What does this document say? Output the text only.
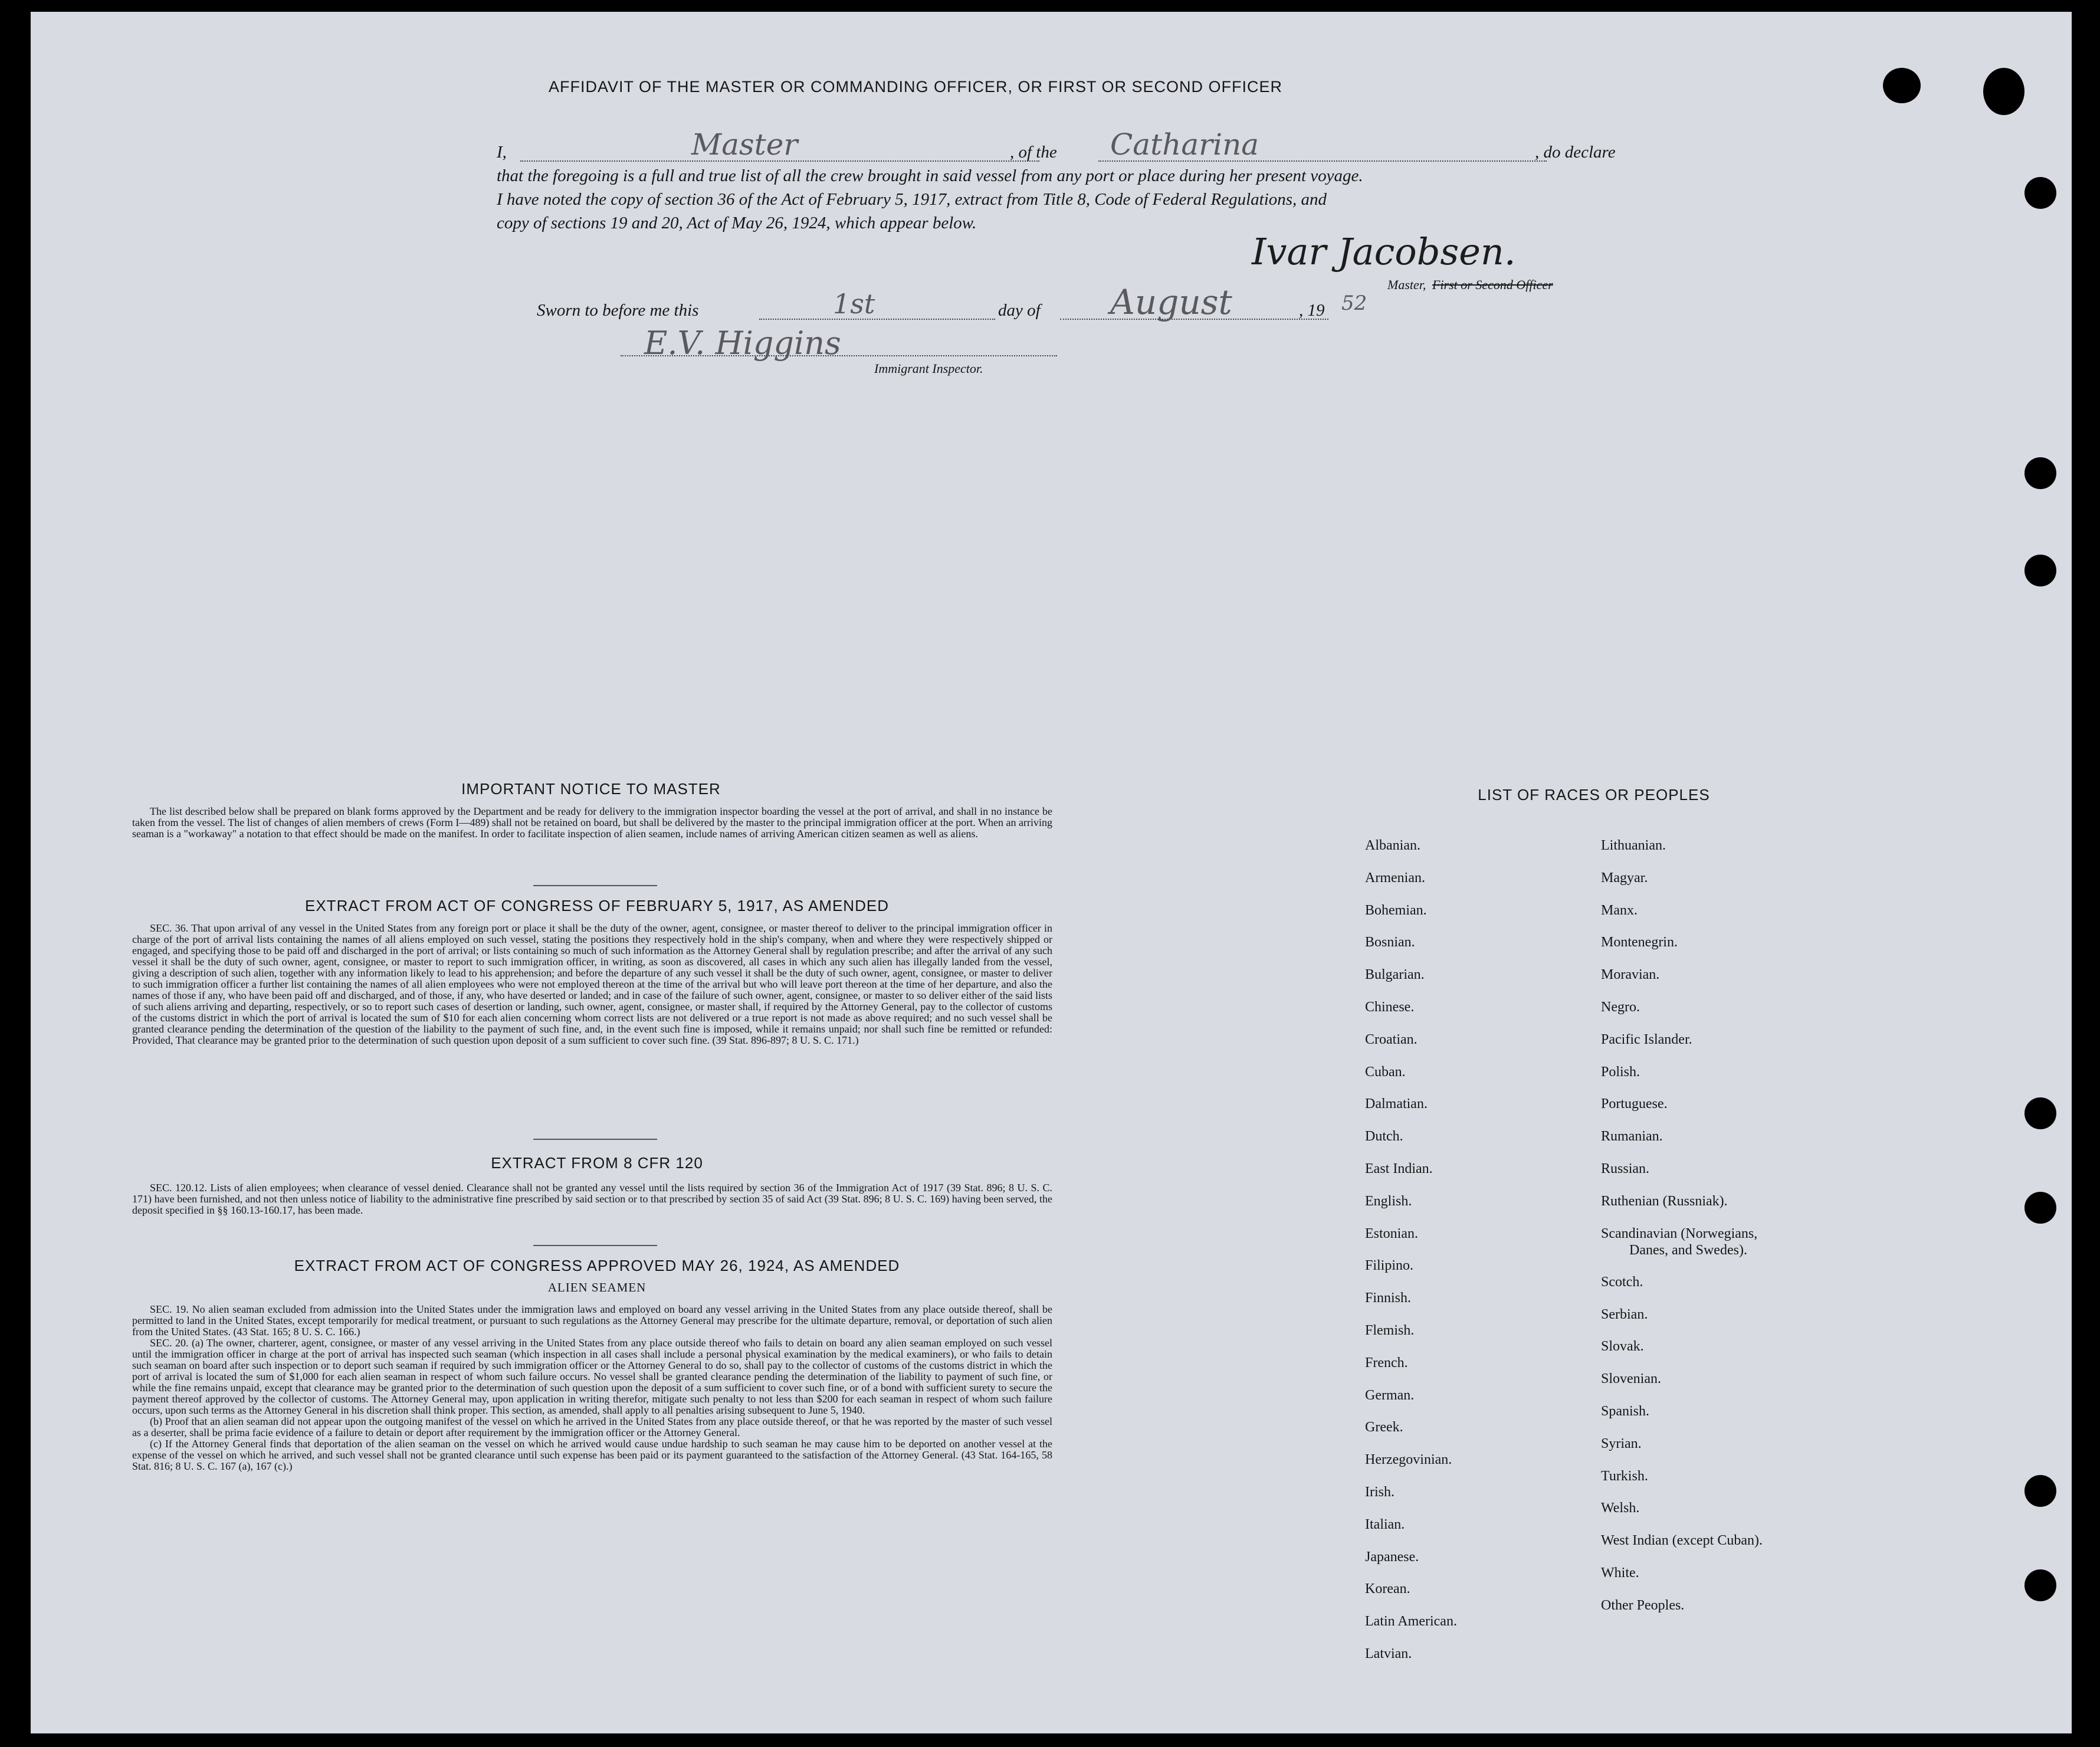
AFFIDAVIT OF THE MASTER OR COMMANDING OFFICER, OR FIRST OR SECOND OFFICER
I,	Master	, of the Catharina	, do declare
that the foregoing is a full and true list of all the crew brought in said vessel from any port or place during her present voyage.
I have noted the copy of section 36 of the Act of February 5, 1917, extract from Title 8, Code of Federal Regulations, and
copy of sections 19 and 20, Act of May 26, 1924, which appear below.
Ivar Jacobsen.
Master, First or Second Officer
Sworn to before me this	1st	day of August	, 19 52
E.V. Higgins
Immigrant Inspector.
IMPORTANT NOTICE TO MASTER

The list described below shall be prepared on blank forms approved by the Department and be ready for delivery to the immigration inspector boarding the vessel at the port of arrival, and shall in no instance be taken from the vessel. The list of changes of alien members of crews (Form I—489) shall not be retained on board, but shall be delivered by the master to the principal immigration officer at the port. When an arriving seaman is a "workaway" a notation to that effect should be made on the manifest. In order to facilitate inspection of alien seamen, include names of arriving American citizen seamen as well as aliens.

EXTRACT FROM ACT OF CONGRESS OF FEBRUARY 5, 1917, AS AMENDED

SEC. 36. That upon arrival of any vessel in the United States from any foreign port or place it shall be the duty of the owner, agent, consignee, or master thereof to deliver to the principal immigration officer in charge of the port of arrival lists containing the names of all aliens employed on such vessel, stating the positions they respectively hold in the ship's company, when and where they were respectively shipped or engaged, and specifying those to be paid off and discharged in the port of arrival; or lists containing so much of such information as the Attorney General shall by regulation prescribe; and after the arrival of any such vessel it shall be the duty of such owner, agent, consignee, or master to report to such immigration officer, in writing, as soon as discovered, all cases in which any such alien has illegally landed from the vessel, giving a description of such alien, together with any information likely to lead to his apprehension; and before the departure of any such vessel it shall be the duty of such owner, agent, consignee, or master to deliver to such immigration officer a further list containing the names of all alien employees who were not employed thereon at the time of the arrival but who will leave port thereon at the time of her departure, and also the names of those if any, who have been paid off and discharged, and of those, if any, who have deserted or landed; and in case of the failure of such owner, agent, consignee, or master to so deliver either of the said lists of such aliens arriving and departing, respectively, or so to report such cases of desertion or landing, such owner, agent, consignee, or master shall, if required by the Attorney General, pay to the collector of customs of the customs district in which the port of arrival is located the sum of $10 for each alien concerning whom correct lists are not delivered or a true report is not made as above required; and no such vessel shall be granted clearance pending the determination of the question of the liability to the payment of such fine, and, in the event such fine is imposed, while it remains unpaid; nor shall such fine be remitted or refunded: Provided, That clearance may be granted prior to the determination of such question upon deposit of a sum sufficient to cover such fine. (39 Stat. 896-897; 8 U. S. C. 171.)

EXTRACT FROM 8 CFR 120

SEC. 120.12. Lists of alien employees; when clearance of vessel denied. Clearance shall not be granted any vessel until the lists required by section 36 of the Immigration Act of 1917 (39 Stat. 896; 8 U. S. C. 171) have been furnished, and not then unless notice of liability to the administrative fine prescribed by said section or to that prescribed by section 35 of said Act (39 Stat. 896; 8 U. S. C. 169) having been served, the deposit specified in §§ 160.13-160.17, has been made.

EXTRACT FROM ACT OF CONGRESS APPROVED MAY 26, 1924, AS AMENDED
ALIEN SEAMEN

SEC. 19. No alien seaman excluded from admission into the United States under the immigration laws and employed on board any vessel arriving in the United States from any place outside thereof, shall be permitted to land in the United States, except temporarily for medical treatment, or pursuant to such regulations as the Attorney General may prescribe for the ultimate departure, removal, or deportation of such alien from the United States. (43 Stat. 165; 8 U. S. C. 166.)

SEC. 20. (a) The owner, charterer, agent, consignee, or master of any vessel arriving in the United States from any place outside thereof who fails to detain on board any alien seaman employed on such vessel until the immigration officer in charge at the port of arrival has inspected such seaman (which inspection in all cases shall include a personal physical examination by the medical examiners), or who fails to detain such seaman on board after such inspection or to deport such seaman if required by such immigration officer or the Attorney General to do so, shall pay to the collector of customs of the customs district in which the port of arrival is located the sum of $1,000 for each alien seaman in respect of whom such failure occurs. No vessel shall be granted clearance pending the determination of the liability to payment of such fine, or while the fine remains unpaid, except that clearance may be granted prior to the determination of such question upon the deposit of a sum sufficient to cover such fine, or of a bond with sufficient surety to secure the payment thereof approved by the collector of customs. The Attorney General may, upon application in writing therefor, mitigate such penalty to not less than $200 for each seaman in respect of whom such failure occurs, upon such terms as the Attorney General in his discretion shall think proper. This section, as amended, shall apply to all penalties arising subsequent to June 5, 1940.

(b) Proof that an alien seaman did not appear upon the outgoing manifest of the vessel on which he arrived in the United States from any place outside thereof, or that he was reported by the master of such vessel as a deserter, shall be prima facie evidence of a failure to detain or deport after requirement by the immigration officer or the Attorney General.

(c) If the Attorney General finds that deportation of the alien seaman on the vessel on which he arrived would cause undue hardship to such seaman he may cause him to be deported on another vessel at the expense of the vessel on which he arrived, and such vessel shall not be granted clearance until such expense has been paid or its payment guaranteed to the satisfaction of the Attorney General. (43 Stat. 164-165, 58 Stat. 816; 8 U. S. C. 167 (a), 167 (c).)

LIST OF RACES OR PEOPLES
Albanian.
Armenian.
Bohemian.
Bosnian.
Bulgarian.
Chinese.
Croatian.
Cuban.
Dalmatian.
Dutch.
East Indian.
English.
Estonian.
Filipino.
Finnish.
Flemish.
French.
German.
Greek.
Herzegovinian.
Irish.
Italian.
Japanese.
Korean.
Latin American.
Latvian.
Lithuanian.
Magyar.
Manx.
Montenegrin.
Moravian.
Negro.
Pacific Islander.
Polish.
Portuguese.
Rumanian.
Russian.
Ruthenian (Russniak).
Scandinavian (Norwegians,
Danes, and Swedes).
Scotch.
Serbian.
Slovak.
Slovenian.
Spanish.
Syrian.
Turkish.
Welsh.
West Indian (except Cuban).
White.
Other Peoples.
